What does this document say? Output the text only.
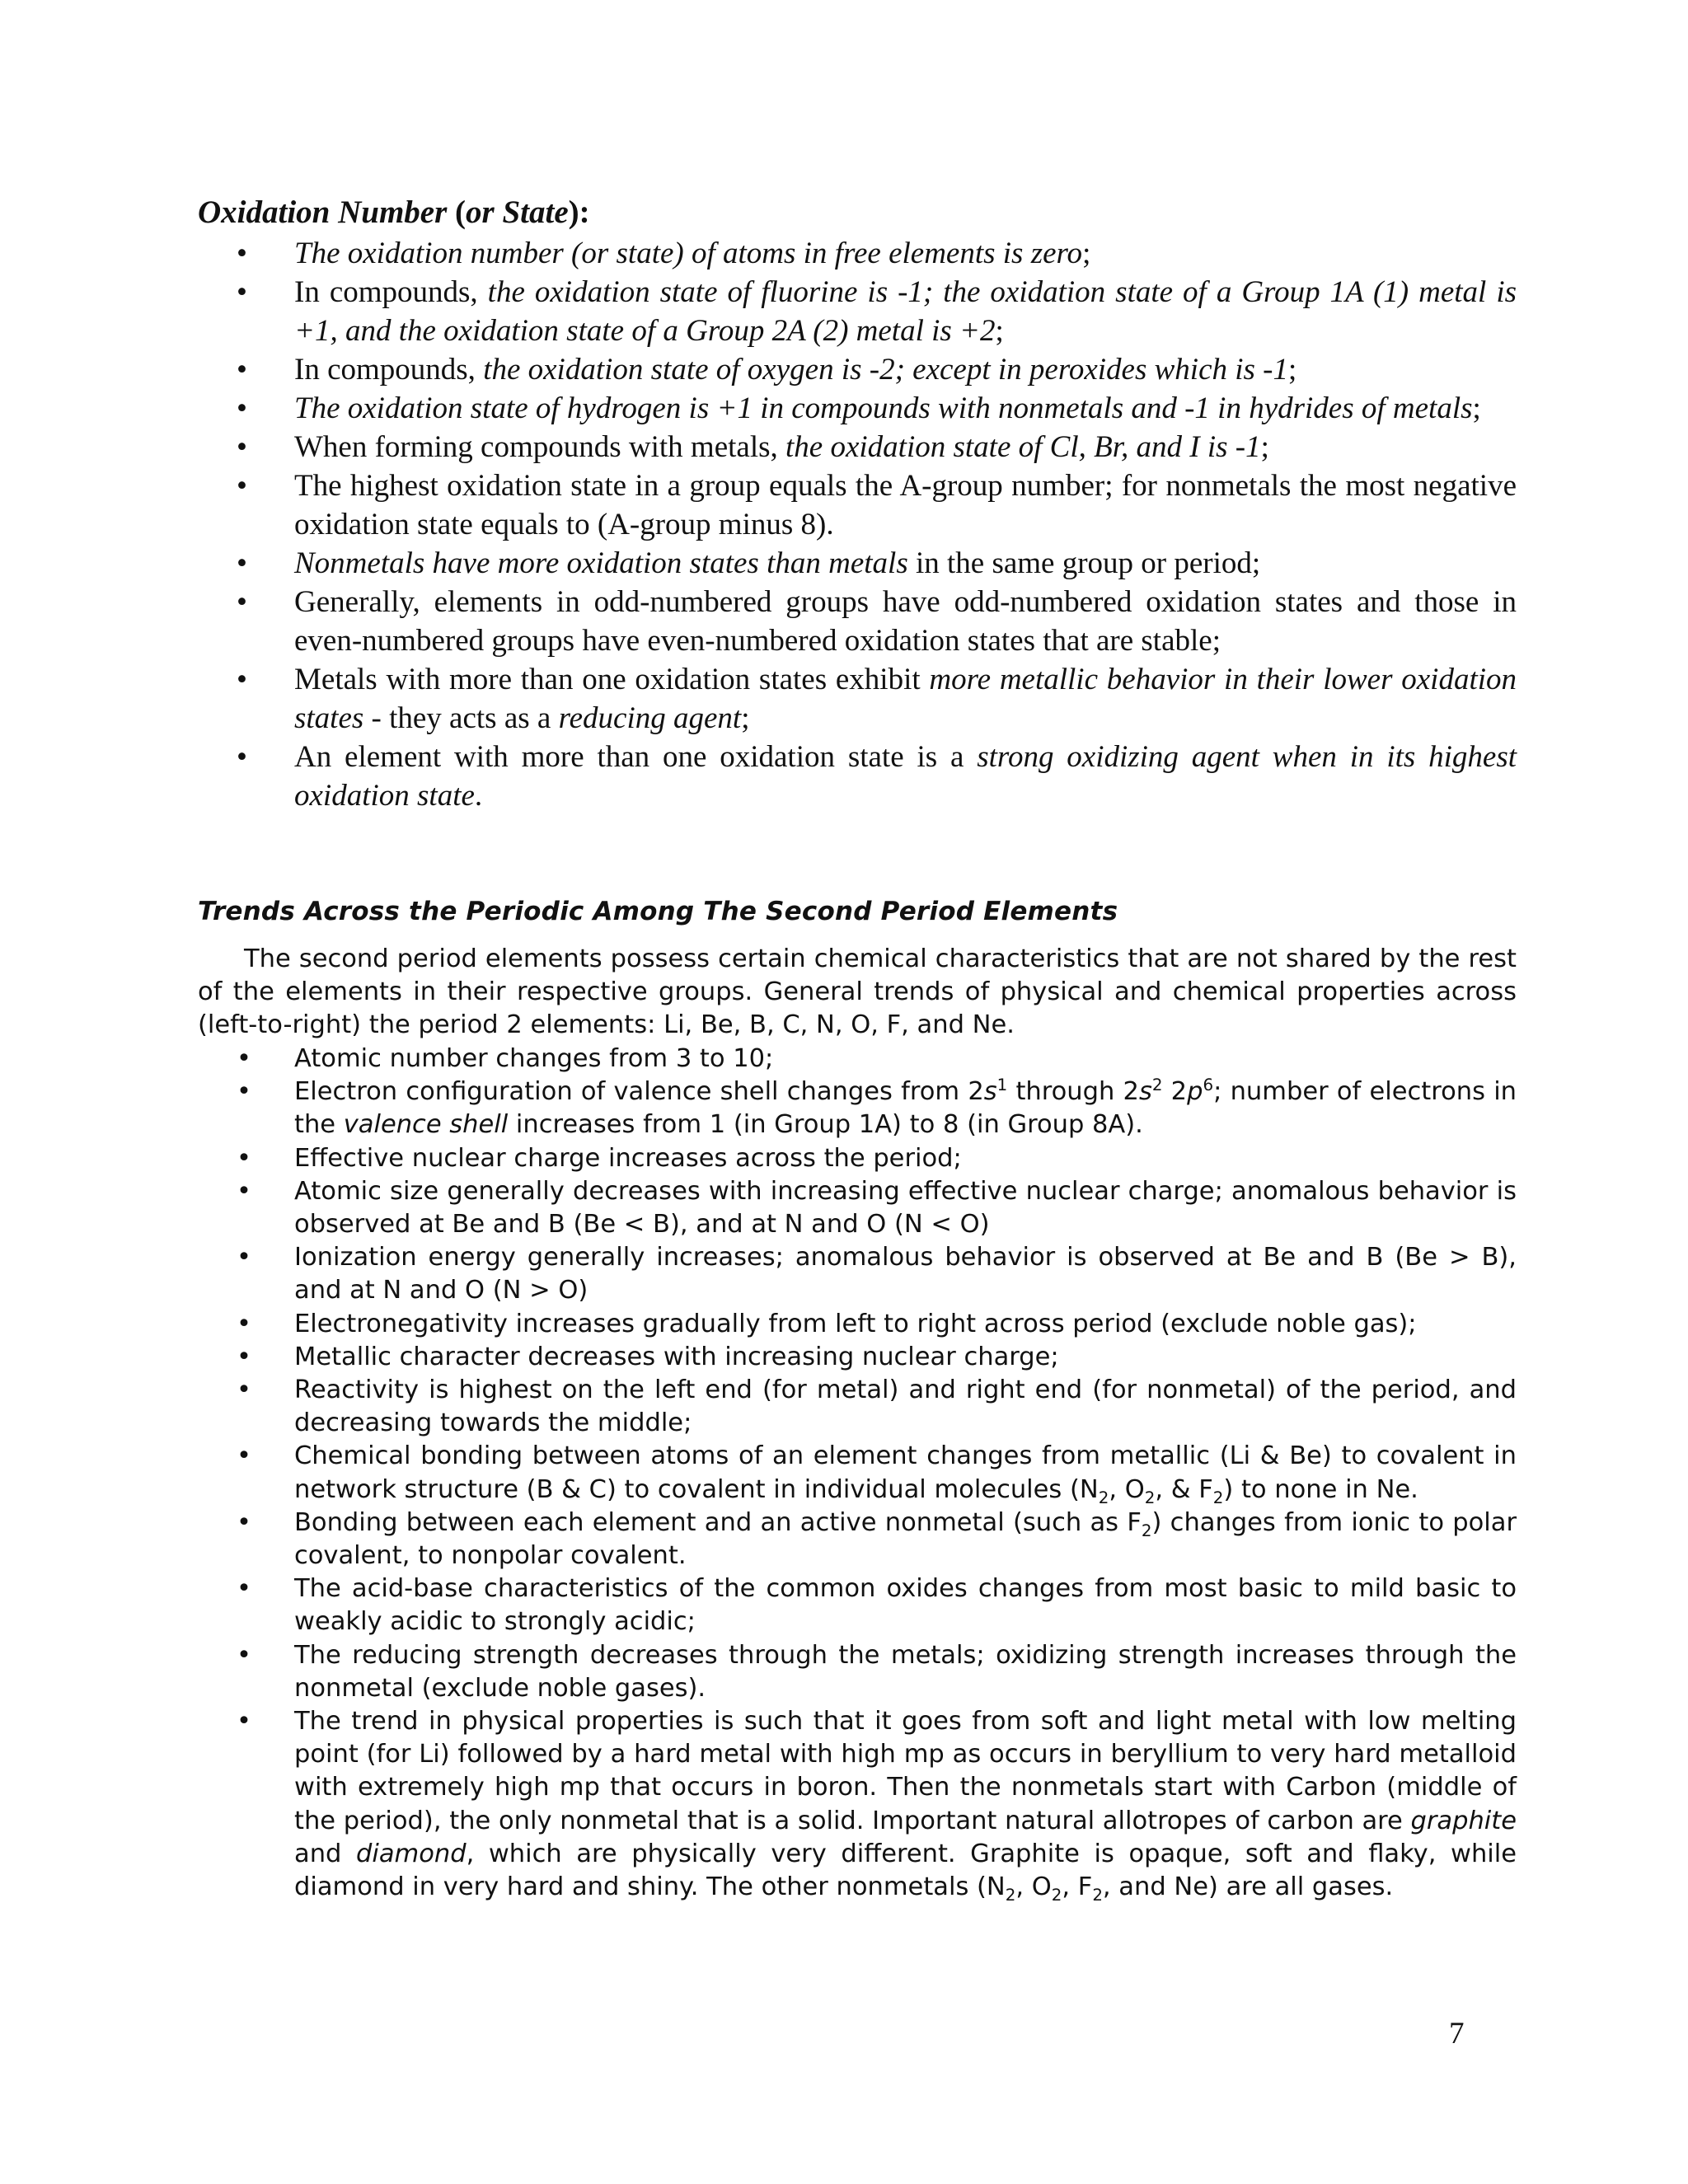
Oxidation Number (or State):
• The oxidation number (or state) of atoms in free elements is zero;
• In compounds, the oxidation state of fluorine is -1; the oxidation state of a Group 1A (1) metal is +1, and the oxidation state of a Group 2A (2) metal is +2;
• In compounds, the oxidation state of oxygen is -2; except in peroxides which is -1;
• The oxidation state of hydrogen is +1 in compounds with nonmetals and -1 in hydrides of metals;
• When forming compounds with metals, the oxidation state of Cl, Br, and I is -1;
• The highest oxidation state in a group equals the A-group number; for nonmetals the most negative oxidation state equals to (A-group minus 8).
• Nonmetals have more oxidation states than metals in the same group or period;
• Generally, elements in odd-numbered groups have odd-numbered oxidation states and those in even-numbered groups have even-numbered oxidation states that are stable;
• Metals with more than one oxidation states exhibit more metallic behavior in their lower oxidation states - they acts as a reducing agent;
• An element with more than one oxidation state is a strong oxidizing agent when in its highest oxidation state.
Trends Across the Periodic Among The Second Period Elements

The second period elements possess certain chemical characteristics that are not shared by the rest of the elements in their respective groups. General trends of physical and chemical properties across (left-to-right) the period 2 elements: Li, Be, B, C, N, O, F, and Ne.

• Atomic number changes from 3 to 10;
• Electron configuration of valence shell changes from $2s^1$ through $2s^2$ $2p^6$; number of electrons in the valence shell increases from 1 (in Group 1A) to 8 (in Group 8A).
• Effective nuclear charge increases across the period;
• Atomic size generally decreases with increasing effective nuclear charge; anomalous behavior is observed at Be and B (Be < B), and at N and O (N < O)
• Ionization energy generally increases; anomalous behavior is observed at Be and B (Be > B), and at N and O (N > O)
• Electronegativity increases gradually from left to right across period (exclude noble gas);
• Metallic character decreases with increasing nuclear charge;
• Reactivity is highest on the left end (for metal) and right end (for nonmetal) of the period, and decreasing towards the middle;
• Chemical bonding between atoms of an element changes from metallic (Li & Be) to covalent in network structure (B & C) to covalent in individual molecules ($N_2$, $O_2$, & $F_2$) to none in Ne.
• Bonding between each element and an active nonmetal (such as $F_2$) changes from ionic to polar covalent, to nonpolar covalent.
• The acid-base characteristics of the common oxides changes from most basic to mild basic to weakly acidic to strongly acidic;
• The reducing strength decreases through the metals; oxidizing strength increases through the nonmetal (exclude noble gases).
• The trend in physical properties is such that it goes from soft and light metal with low melting point (for Li) followed by a hard metal with high mp as occurs in beryllium to very hard metalloid with extremely high mp that occurs in boron. Then the nonmetals start with Carbon (middle of the period), the only nonmetal that is a solid. Important natural allotropes of carbon are graphite and diamond, which are physically very different. Graphite is opaque, soft and flaky, while diamond in very hard and shiny. The other nonmetals ($N_2$, $O_2$, $F_2$, and Ne) are all gases.

7
